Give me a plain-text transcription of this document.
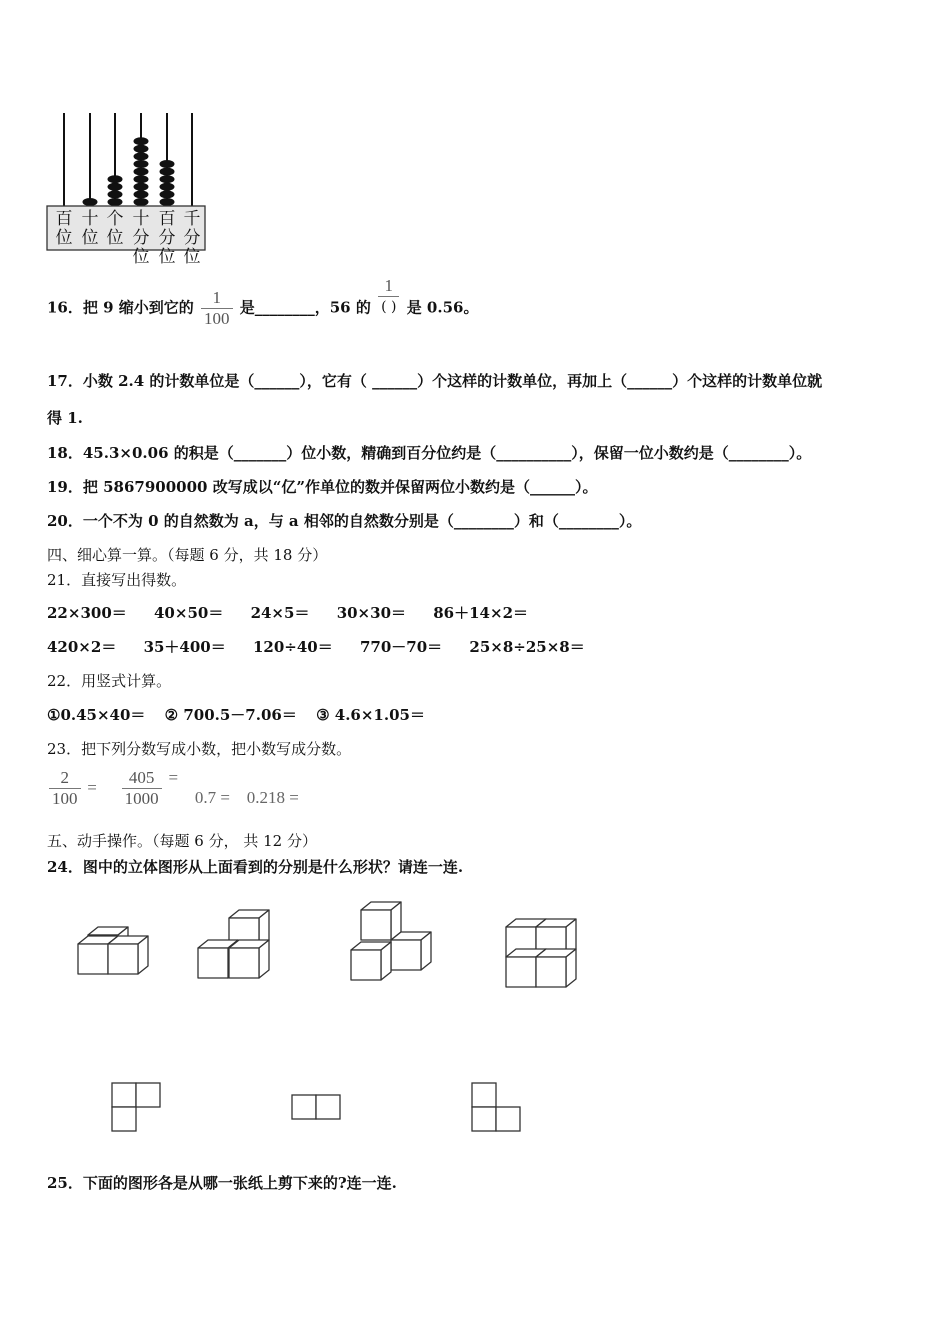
百
位
十
位
个
位
十
分
位
百
分
位
千
分
位
16．把 9 缩小到它的 $\frac{1}{100}$ 是________，56 的 $\frac{1}{( )}$ 是 0.56。
17．小数 2.4 的计数单位是（______），它有（ ______）个这样的计数单位，再加上（______）个这样的计数单位就
得 1.
18．45.3×0.06 的积是（_______）位小数，精确到百分位约是（__________），保留一位小数约是（________）。
19．把 5867900000 改写成以“亿”作单位的数并保留两位小数约是（______）。
20．一个不为 0 的自然数为 a，与 a 相邻的自然数分别是（________）和（________）。
四、细心算一算。（每题 6 分，共 18 分）
21．直接写出得数。
22×300＝ 40×50＝ 24×5＝ 30×30＝ 86＋14×2＝
420×2＝ 35＋400＝ 120÷40＝ 770－70＝ 25×8÷25×8＝
22．用竖式计算。
①0.45×40＝ ② 700.5－7.06＝ ③ 4.6×1.05＝
23．把下列分数写成小数，把小数写成分数。
$\frac{2}{100} = \frac{405}{1000} = 0.7 = 0.218$ =
五、动手操作。（每题 6 分， 共 12 分）
24．图中的立体图形从上面看到的分别是什么形状？请连一连.
25．下面的图形各是从哪一张纸上剪下来的?连一连.
